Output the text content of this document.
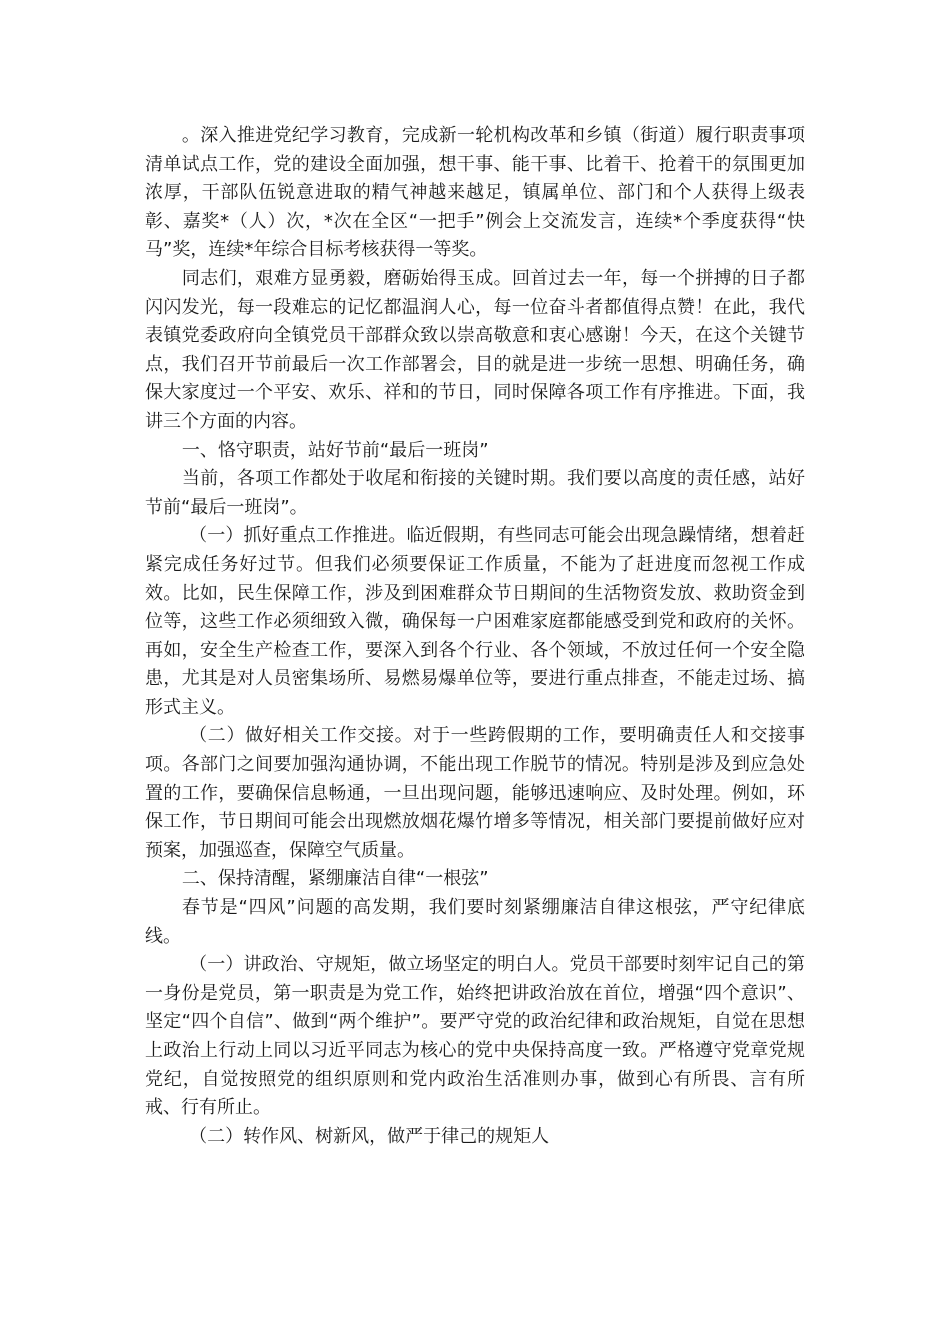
。深入推进党纪学习教育，完成新一轮机构改革和乡镇（街道）履行职责事项清单试点工作，党的建设全面加强，想干事、能干事、比着干、抢着干的氛围更加浓厚，干部队伍锐意进取的精气神越来越足，镇属单位、部门和个人获得上级表彰、嘉奖*（人）次，*次在全区“一把手”例会上交流发言，连续*个季度获得“快马”奖，连续*年综合目标考核获得一等奖。

同志们，艰难方显勇毅，磨砺始得玉成。回首过去一年，每一个拼搏的日子都闪闪发光，每一段难忘的记忆都温润人心，每一位奋斗者都值得点赞！在此，我代表镇党委政府向全镇党员干部群众致以崇高敬意和衷心感谢！今天，在这个关键节点，我们召开节前最后一次工作部署会，目的就是进一步统一思想、明确任务，确保大家度过一个平安、欢乐、祥和的节日，同时保障各项工作有序推进。下面，我讲三个方面的内容。

一、恪守职责，站好节前“最后一班岗”

当前，各项工作都处于收尾和衔接的关键时期。我们要以高度的责任感，站好节前“最后一班岗”。

（一）抓好重点工作推进。临近假期，有些同志可能会出现急躁情绪，想着赶紧完成任务好过节。但我们必须要保证工作质量，不能为了赶进度而忽视工作成效。比如，民生保障工作，涉及到困难群众节日期间的生活物资发放、救助资金到位等，这些工作必须细致入微，确保每一户困难家庭都能感受到党和政府的关怀。再如，安全生产检查工作，要深入到各个行业、各个领域，不放过任何一个安全隐患，尤其是对人员密集场所、易燃易爆单位等，要进行重点排查，不能走过场、搞形式主义。

（二）做好相关工作交接。对于一些跨假期的工作，要明确责任人和交接事项。各部门之间要加强沟通协调，不能出现工作脱节的情况。特别是涉及到应急处置的工作，要确保信息畅通，一旦出现问题，能够迅速响应、及时处理。例如，环保工作，节日期间可能会出现燃放烟花爆竹增多等情况，相关部门要提前做好应对预案，加强巡查，保障空气质量。

二、保持清醒，紧绷廉洁自律“一根弦”

春节是“四风”问题的高发期，我们要时刻紧绷廉洁自律这根弦，严守纪律底线。

（一）讲政治、守规矩，做立场坚定的明白人。党员干部要时刻牢记自己的第一身份是党员，第一职责是为党工作，始终把讲政治放在首位，增强“四个意识”、坚定“四个自信”、做到“两个维护”。要严守党的政治纪律和政治规矩，自觉在思想上政治上行动上同以习近平同志为核心的党中央保持高度一致。严格遵守党章党规党纪，自觉按照党的组织原则和党内政治生活准则办事，做到心有所畏、言有所戒、行有所止。

（二）转作风、树新风，做严于律己的规矩人
